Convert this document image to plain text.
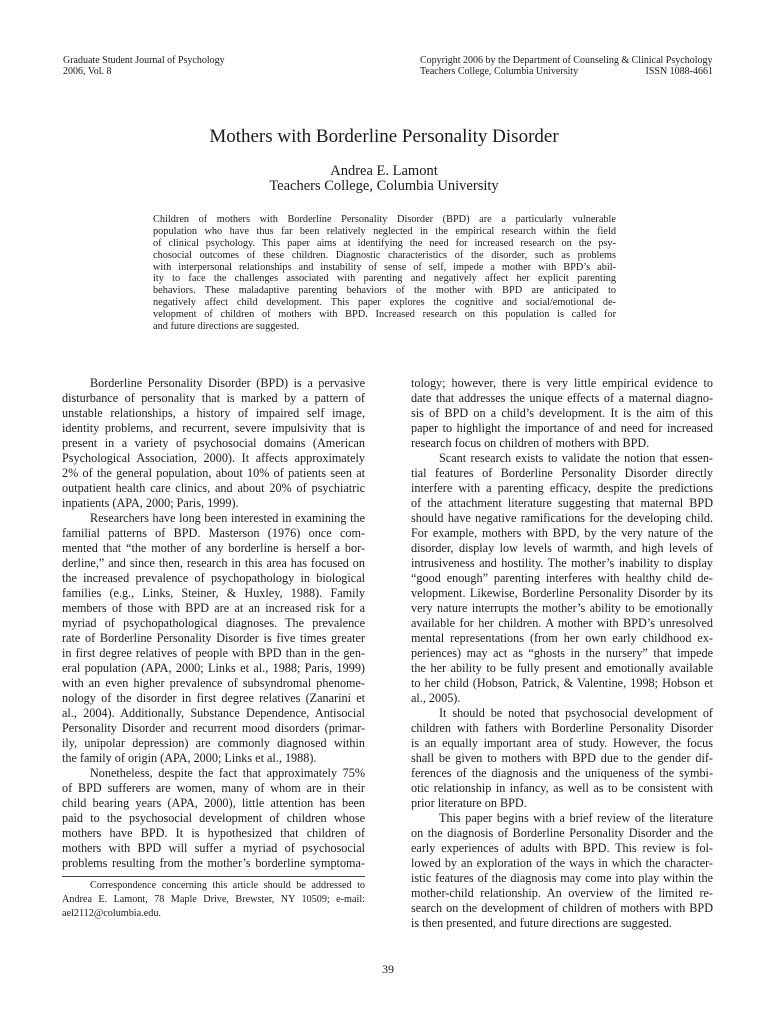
Graduate Student Journal of Psychology
2006, Vol. 8
Copyright 2006 by the Department of Counseling & Clinical Psychology
Teachers College, Columbia University	ISSN 1088-4661
Mothers with Borderline Personality Disorder
Andrea E. Lamont
Teachers College, Columbia University
Children of mothers with Borderline Personality Disorder (BPD) are a particularly vulnerable
population who have thus far been relatively neglected in the empirical research within the field
of clinical psychology. This paper aims at identifying the need for increased research on the psy-
chosocial outcomes of these children. Diagnostic characteristics of the disorder, such as problems
with interpersonal relationships and instability of sense of self, impede a mother with BPD’s abil-
ity to face the challenges associated with parenting and negatively affect her explicit parenting
behaviors. These maladaptive parenting behaviors of the mother with BPD are anticipated to
negatively affect child development. This paper explores the cognitive and social/emotional de-
velopment of children of mothers with BPD. Increased research on this population is called for
and future directions are suggested.
Borderline Personality Disorder (BPD) is a pervasive
disturbance of personality that is marked by a pattern of
unstable relationships, a history of impaired self image,
identity problems, and recurrent, severe impulsivity that is
present in a variety of psychosocial domains (American
Psychological Association, 2000). It affects approximately
2% of the general population, about 10% of patients seen at
outpatient health care clinics, and about 20% of psychiatric
inpatients (APA, 2000; Paris, 1999).
Researchers have long been interested in examining the
familial patterns of BPD. Masterson (1976) once com-
mented that “the mother of any borderline is herself a bor-
derline,” and since then, research in this area has focused on
the increased prevalence of psychopathology in biological
families (e.g., Links, Steiner, & Huxley, 1988). Family
members of those with BPD are at an increased risk for a
myriad of psychopathological diagnoses. The prevalence
rate of Borderline Personality Disorder is five times greater
in first degree relatives of people with BPD than in the gen-
eral population (APA, 2000; Links et al., 1988; Paris, 1999)
with an even higher prevalence of subsyndromal phenome-
nology of the disorder in first degree relatives (Zanarini et
al., 2004). Additionally, Substance Dependence, Antisocial
Personality Disorder and recurrent mood disorders (primar-
ily, unipolar depression) are commonly diagnosed within
the family of origin (APA, 2000; Links et al., 1988).
Nonetheless, despite the fact that approximately 75%
of BPD sufferers are women, many of whom are in their
child bearing years (APA, 2000), little attention has been
paid to the psychosocial development of children whose
mothers have BPD. It is hypothesized that children of
mothers with BPD will suffer a myriad of psychosocial
problems resulting from the mother’s borderline symptoma-
tology; however, there is very little empirical evidence to
date that addresses the unique effects of a maternal diagno-
sis of BPD on a child’s development. It is the aim of this
paper to highlight the importance of and need for increased
research focus on children of mothers with BPD.
Scant research exists to validate the notion that essen-
tial features of Borderline Personality Disorder directly
interfere with a parenting efficacy, despite the predictions
of the attachment literature suggesting that maternal BPD
should have negative ramifications for the developing child.
For example, mothers with BPD, by the very nature of the
disorder, display low levels of warmth, and high levels of
intrusiveness and hostility. The mother’s inability to display
“good enough” parenting interferes with healthy child de-
velopment. Likewise, Borderline Personality Disorder by its
very nature interrupts the mother’s ability to be emotionally
available for her children. A mother with BPD’s unresolved
mental representations (from her own early childhood ex-
periences) may act as “ghosts in the nursery” that impede
the her ability to be fully present and emotionally available
to her child (Hobson, Patrick, & Valentine, 1998; Hobson et
al., 2005).
It should be noted that psychosocial development of
children with fathers with Borderline Personality Disorder
is an equally important area of study. However, the focus
shall be given to mothers with BPD due to the gender dif-
ferences of the diagnosis and the uniqueness of the symbi-
otic relationship in infancy, as well as to be consistent with
prior literature on BPD.
This paper begins with a brief review of the literature
on the diagnosis of Borderline Personality Disorder and the
early experiences of adults with BPD. This review is fol-
lowed by an exploration of the ways in which the character-
istic features of the diagnosis may come into play within the
mother-child relationship. An overview of the limited re-
search on the development of children of mothers with BPD
is then presented, and future directions are suggested.
Correspondence concerning this article should be addressed to
Andrea E. Lamont, 78 Maple Drive, Brewster, NY 10509; e-mail:
ael2112@columbia.edu.
39
